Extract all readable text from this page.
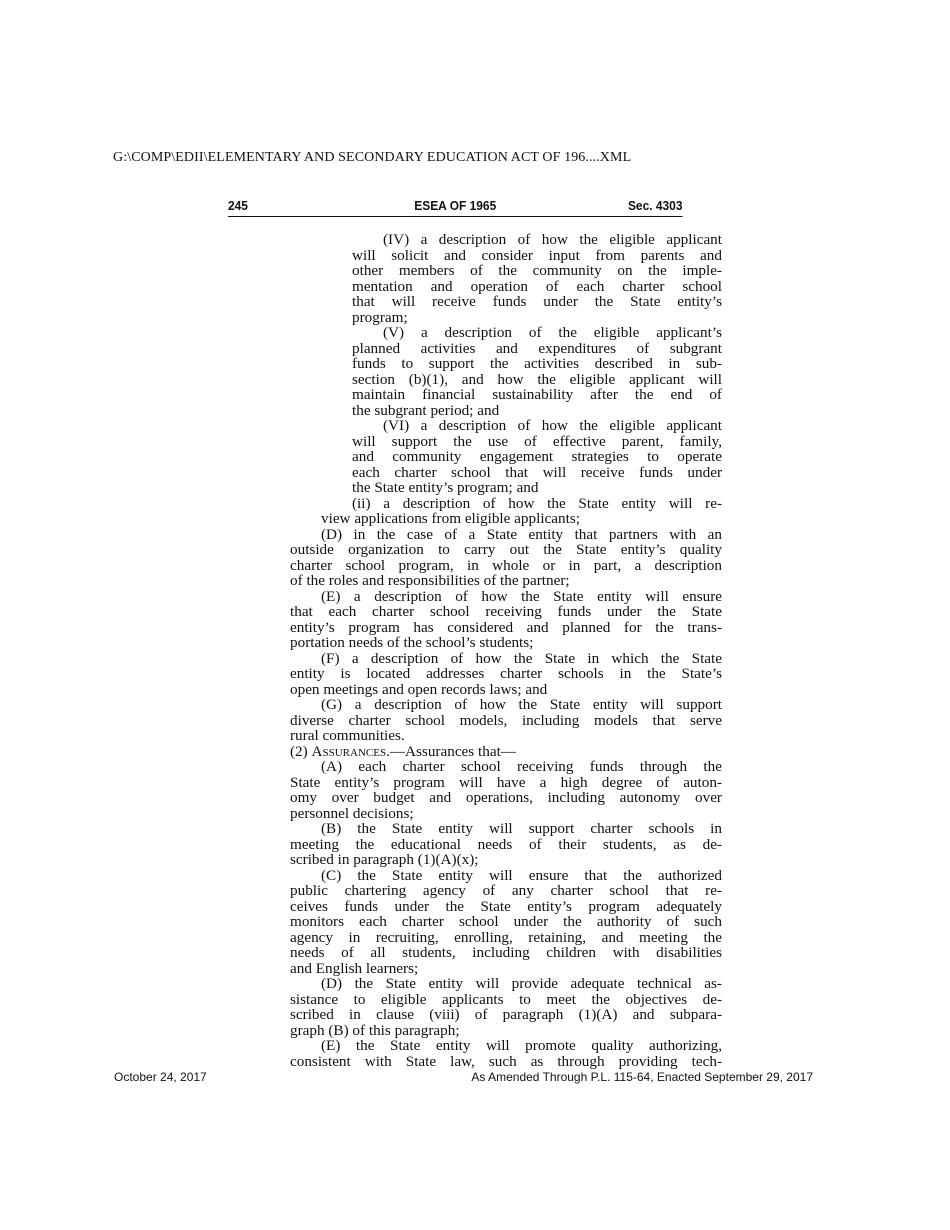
G:\COMP\EDII\ELEMENTARY AND SECONDARY EDUCATION ACT OF 196....XML
245	ESEA OF 1965	Sec. 4303
(IV) a description of how the eligible applicant
will solicit and consider input from parents and
other members of the community on the imple-
mentation and operation of each charter school
that will receive funds under the State entity’s
program;
(V) a description of the eligible applicant’s
planned activities and expenditures of subgrant
funds to support the activities described in sub-
section (b)(1), and how the eligible applicant will
maintain financial sustainability after the end of
the subgrant period; and
(VI) a description of how the eligible applicant
will support the use of effective parent, family,
and community engagement strategies to operate
each charter school that will receive funds under
the State entity’s program; and
(ii) a description of how the State entity will re-
view applications from eligible applicants;
(D) in the case of a State entity that partners with an
outside organization to carry out the State entity’s quality
charter school program, in whole or in part, a description
of the roles and responsibilities of the partner;
(E) a description of how the State entity will ensure
that each charter school receiving funds under the State
entity’s program has considered and planned for the trans-
portation needs of the school’s students;
(F) a description of how the State in which the State
entity is located addresses charter schools in the State’s
open meetings and open records laws; and
(G) a description of how the State entity will support
diverse charter school models, including models that serve
rural communities.
(2) Assurances.—Assurances that—
(A) each charter school receiving funds through the
State entity’s program will have a high degree of auton-
omy over budget and operations, including autonomy over
personnel decisions;
(B) the State entity will support charter schools in
meeting the educational needs of their students, as de-
scribed in paragraph (1)(A)(x);
(C) the State entity will ensure that the authorized
public chartering agency of any charter school that re-
ceives funds under the State entity’s program adequately
monitors each charter school under the authority of such
agency in recruiting, enrolling, retaining, and meeting the
needs of all students, including children with disabilities
and English learners;
(D) the State entity will provide adequate technical as-
sistance to eligible applicants to meet the objectives de-
scribed in clause (viii) of paragraph (1)(A) and subpara-
graph (B) of this paragraph;
(E) the State entity will promote quality authorizing,
consistent with State law, such as through providing tech-
October 24, 2017	As Amended Through P.L. 115-64, Enacted September 29, 2017
